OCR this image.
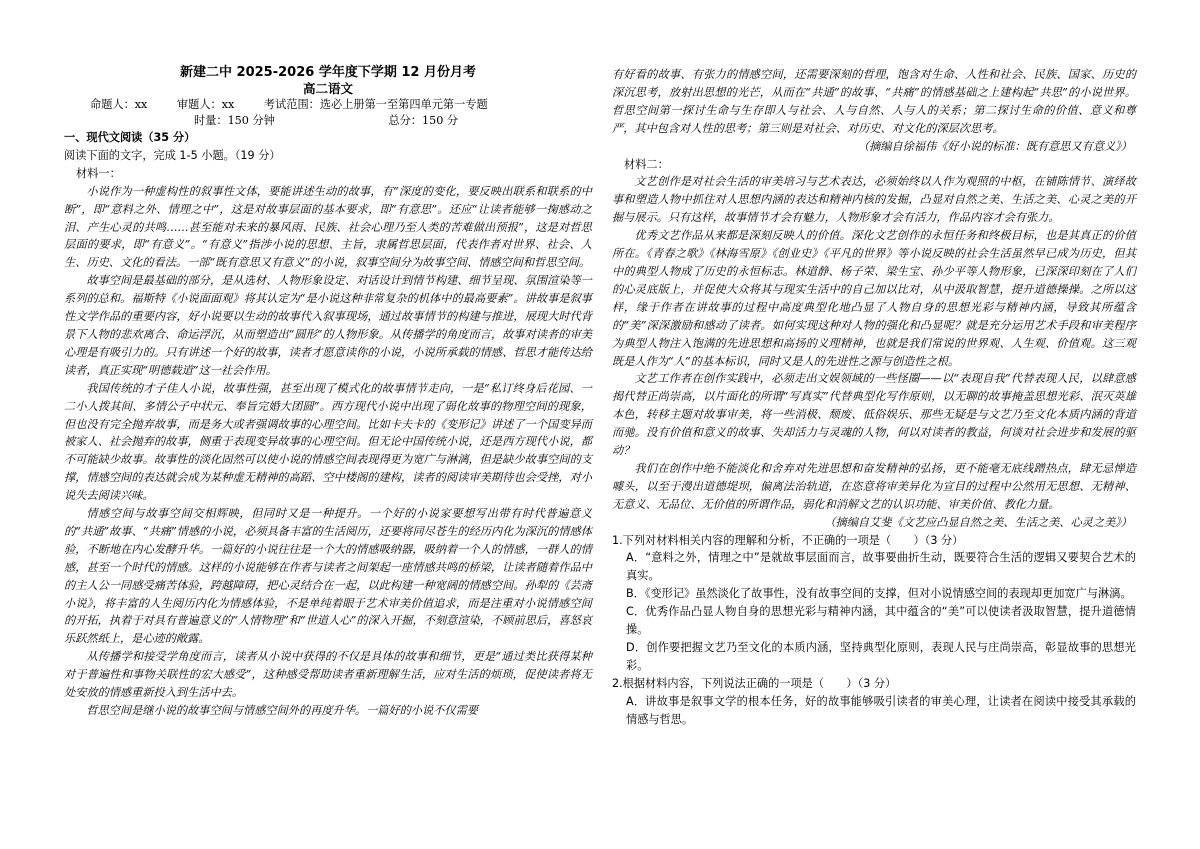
新建二中 2025-2026 学年度下学期 12 月份月考
高二语文
命题人：xx	审题人：xx	考试范围：选必上册第一至第四单元第一专题
时量：150 分钟	总分：150 分
一、现代文阅读（35 分）
阅读下面的文字，完成 1-5 小题。（19 分）
材料一：

小说作为一种虚构性的叙事性文体，要能讲述生动的故事，有“深度的变化，要反映出联系和联系的中断”，即“意料之外、情理之中”，这是对故事层面的基本要求，即“有意思”。还应“让读者能够一掬感动之泪、产生心灵的共鸣……甚至能对未来的暴风雨、民族、社会心理乃至人类的苦难做出预报”，这是对哲思层面的要求，即“有意义”。“有意义”指涉小说的思想、主旨，隶属哲思层面，代表作者对世界、社会、人生、历史、文化的看法。一部“既有意思又有意义”的小说，叙事空间分为故事空间、情感空间和哲思空间。

故事空间是最基础的部分，是从选材、人物形象设定、对话设计到情节构建、细节呈现、氛围渲染等一系列的总和。福斯特《小说面面观》将其认定为“是小说这种非常复杂的机体中的最高要素”。讲故事是叙事性文学作品的重要内容，好小说要以生动的故事代入叙事现场，通过故事情节的构建与推进，展现大时代背景下人物的悲欢离合、命运浮沉，从而塑造出“圆形”的人物形象。从传播学的角度而言，故事对读者的审美心理是有吸引力的。只有讲述一个好的故事，读者才愿意读你的小说，小说所承载的情感、哲思才能传达给读者，真正实现“明德载道”这一社会作用。

我国传统的才子佳人小说，故事性强，甚至出现了模式化的故事情节走向，一是“私订终身后花园、一二小人拨其间、多情公子中状元、奉旨完婚大团圆”。西方现代小说中出现了弱化故事的物理空间的现象，但也没有完全抛弃故事，而是务大或者强调故事的心理空间。比如卡夫卡的《变形记》讲述了一个国变异而被家人、社会抛弃的故事，侧重于表现变异故事的心理空间。但无论中国传统小说，还是西方现代小说，都不可能缺少故事。故事性的淡化固然可以使小说的情感空间表现得更为宽广与淋漓，但是缺少故事空间的支撑，情感空间的表达就会成为某种虚无精神的高蹈、空中楼阁的建构，读者的阅读审美期待也会受挫，对小说失去阅读兴味。

情感空间与故事空间交相辉映，但同时又是一种提升。一个好的小说家要想写出带有时代普遍意义的“共通”故事、“共痛”情感的小说，必须具备丰富的生活阅历，还要将同尽苍生的经历内化为深沉的情感体验，不断地在内心发酵升华。一篇好的小说往往是一个大的情感吸纳器，吸纳着一个人的情感，一群人的情感，甚至一个时代的情感。这样的小说能够在作者与读者之间架起一座情感共鸣的桥梁，让读者随着作品中的主人公一同感受痛苦体验，跨越障碍，把心灵结合在一起，以此构建一种宽阔的情感空间。孙犁的《芸斋小说》，将丰富的人生阅历内化为情感体验，不是单纯着眼于艺术审美价值追求，而是注重对小说情感空间的开拓，执着于对具有普遍意义的“人情物理”和“世道人心”的深入开掘，不刻意渲染，不顾前思后，喜怒哀乐跃然纸上，是心迹的敞露。

从传播学和接受学角度而言，读者从小说中获得的不仅是具体的故事和细节，更是“通过类比获得某种对于普遍性和事物关联性的宏大感受”，这种感受帮助读者重新理解生活，应对生活的烦琐，促使读者将无处安放的情感重新投入到生活中去。

哲思空间是继小说的故事空间与情感空间外的再度升华。一篇好的小说不仅需要

有好看的故事、有张力的情感空间，还需要深刻的哲理，饱含对生命、人性和社会、民族、国家、历史的深沉思考，放射出思想的光芒，从而在“共通”的故事、“共痛”的情感基础之上建构起“共思”的小说世界。哲思空间第一探讨生命与生存即人与社会、人与自然、人与人的关系；第二探讨生命的价值、意义和尊严，其中包含对人性的思考；第三则是对社会、对历史、对文化的深层次思考。

（摘编自徐福伟《好小说的标准：既有意思又有意义》）
材料二：

文艺创作是对社会生活的审美培习与艺术表达，必须始终以人作为观照的中枢，在铺陈情节、演绎故事和塑造人物中抓住对人思想内涵的表达和精神内核的发掘，凸显对自然之美、生活之美、心灵之美的开掘与展示。只有这样，故事情节才会有魅力，人物形象才会有活力，作品内容才会有张力。

优秀文艺作品从来都是深刻反映人的价值。深化文艺创作的永恒任务和终极目标，也是其真正的价值所在。《青春之歌》《林海雪原》《创业史》《平凡的世界》等小说反映的社会生活虽然早已成为历史，但其中的典型人物成了历史的永恒标志。林道静、杨子荣、梁生宝、孙少平等人物形象，已深深印刻在了人们的心灵底版上，并促使大众将其与现实生活中的自己加以比对，从中汲取智慧，提升道德操操。之所以这样，缘于作者在讲故事的过程中高度典型化地凸显了人物自身的思想光彩与精神内涵，导致其所蕴含的“美”深深激励和感动了读者。如何实现这种对人物的强化和凸显呢？就是充分运用艺术手段和审美程序为典型人物注入饱满的先进思想和高扬的义理精神，也就是我们常说的世界观、人生观、价值观。这三观既是人作为“人”的基本标识，同时又是人的先进性之源与创造性之根。

文艺工作者在创作实践中，必须走出文娱领域的一些怪圈——以“表现自我”代替表现人民，以肆意感揭代替正尚崇高，以片面化的所谓“写真实”代替典型化写作原则，以无聊的故事掩盖思想光彩、泯灭英雄本色，转移主题对故事审美，将一些消极、颓废、低俗娱乐、那些无疑是与文艺乃至文化本质内涵的背道而驰。没有价值和意义的故事、失却活力与灵魂的人物，何以对读者的教益，何谈对社会进步和发展的驱动？

我们在创作中绝不能淡化和舍弃对先进思想和奋发精神的弘扬，更不能毫无底线蹭热点，肆无忌惮造噱头，以至于漫出道德堤坝，偏离法治轨道，在恣意将审美异化为宣目的过程中公然用无思想、无精神、无意义、无品位、无价值的所谓作品，弱化和消解文艺的认识功能、审美价值、教化力量。

（摘编自艾斐《文艺应凸显自然之美、生活之美、心灵之美》）
1.下列对材料相关内容的理解和分析，不正确的一项是（　　）（3 分）
A．“意料之外，情理之中”是就故事层面而言，故事要曲折生动，既要符合生活的逻辑又要契合艺术的真实。
B．《变形记》虽然淡化了故事性，没有故事空间的支撑，但对小说情感空间的表现却更加宽广与淋漓。
C．优秀作品凸显人物自身的思想光彩与精神内涵，其中蕴含的“美”可以使读者汲取智慧，提升道德情操。
D．创作要把握文艺乃至文化的本质内涵，坚持典型化原则，表现人民与庄尚崇高，彰显故事的思想光彩。
2.根据材料内容，下列说法正确的一项是（　　）（3 分）
A．讲故事是叙事文学的根本任务，好的故事能够吸引读者的审美心理，让读者在阅读中接受其承载的情感与哲思。
